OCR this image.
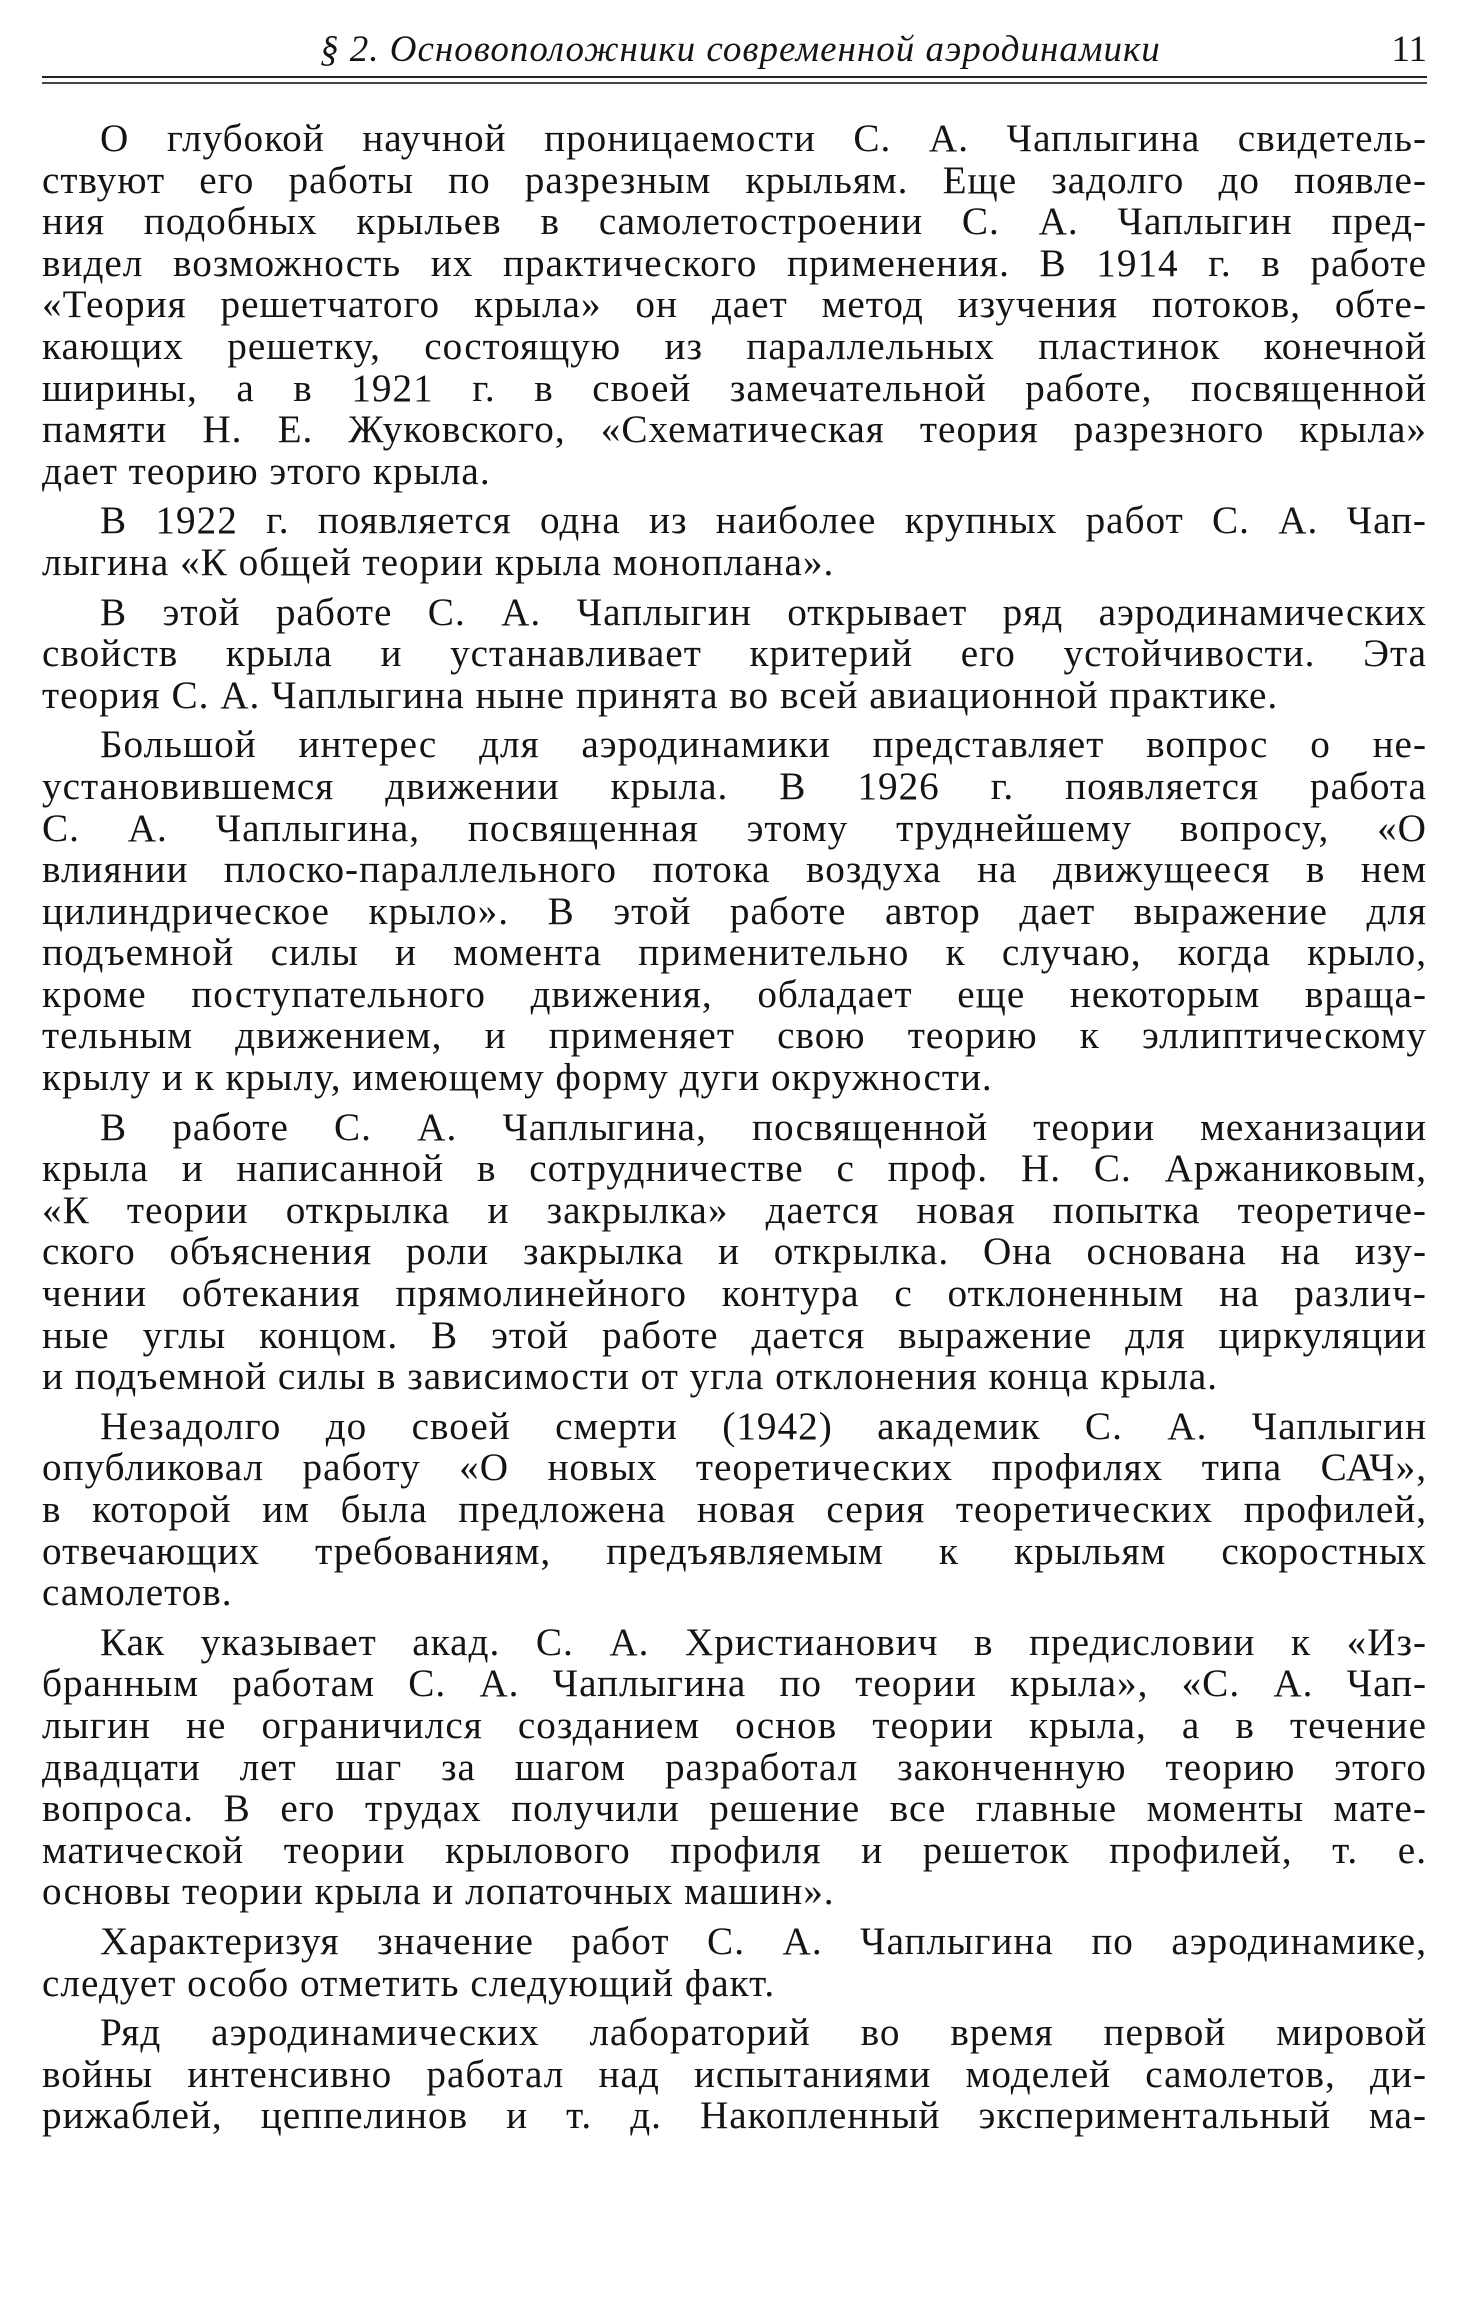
§ 2. Основоположники современной аэродинамики	11
О глубокой научной проницаемости С. А. Чаплыгина свидетель-
ствуют его работы по разрезным крыльям. Еще задолго до появле-
ния подобных крыльев в самолетостроении С. А. Чаплыгин пред-
видел возможность их практического применения. В 1914 г. в работе
«Теория решетчатого крыла» он дает метод изучения потоков, обте-
кающих решетку, состоящую из параллельных пластинок конечной
ширины, а в 1921 г. в своей замечательной работе, посвященной
памяти Н. Е. Жуковского, «Схематическая теория разрезного крыла»
дает теорию этого крыла.
В 1922 г. появляется одна из наиболее крупных работ С. А. Чап-
лыгина «К общей теории крыла моноплана».
В этой работе С. А. Чаплыгин открывает ряд аэродинамических
свойств крыла и устанавливает критерий его устойчивости. Эта
теория С. А. Чаплыгина ныне принята во всей авиационной практике.
Большой интерес для аэродинамики представляет вопрос о не-
установившемся движении крыла. В 1926 г. появляется работа
С. А. Чаплыгина, посвященная этому труднейшему вопросу, «О
влиянии плоско-параллельного потока воздуха на движущееся в нем
цилиндрическое крыло». В этой работе автор дает выражение для
подъемной силы и момента применительно к случаю, когда крыло,
кроме поступательного движения, обладает еще некоторым враща-
тельным движением, и применяет свою теорию к эллиптическому
крылу и к крылу, имеющему форму дуги окружности.
В работе С. А. Чаплыгина, посвященной теории механизации
крыла и написанной в сотрудничестве с проф. Н. С. Аржаниковым,
«К теории открылка и закрылка» дается новая попытка теоретиче-
ского объяснения роли закрылка и открылка. Она основана на изу-
чении обтекания прямолинейного контура с отклоненным на различ-
ные углы концом. В этой работе дается выражение для циркуляции
и подъемной силы в зависимости от угла отклонения конца крыла.
Незадолго до своей смерти (1942) академик С. А. Чаплыгин
опубликовал работу «О новых теоретических профилях типа САЧ»,
в которой им была предложена новая серия теоретических профилей,
отвечающих требованиям, предъявляемым к крыльям скоростных
самолетов.
Как указывает акад. С. А. Христианович в предисловии к «Из-
бранным работам С. А. Чаплыгина по теории крыла», «С. А. Чап-
лыгин не ограничился созданием основ теории крыла, а в течение
двадцати лет шаг за шагом разработал законченную теорию этого
вопроса. В его трудах получили решение все главные моменты мате-
матической теории крылового профиля и решеток профилей, т. е.
основы теории крыла и лопаточных машин».
Характеризуя значение работ С. А. Чаплыгина по аэродинамике,
следует особо отметить следующий факт.
Ряд аэродинамических лабораторий во время первой мировой
войны интенсивно работал над испытаниями моделей самолетов, ди-
рижаблей, цеппелинов и т. д. Накопленный экспериментальный ма-
